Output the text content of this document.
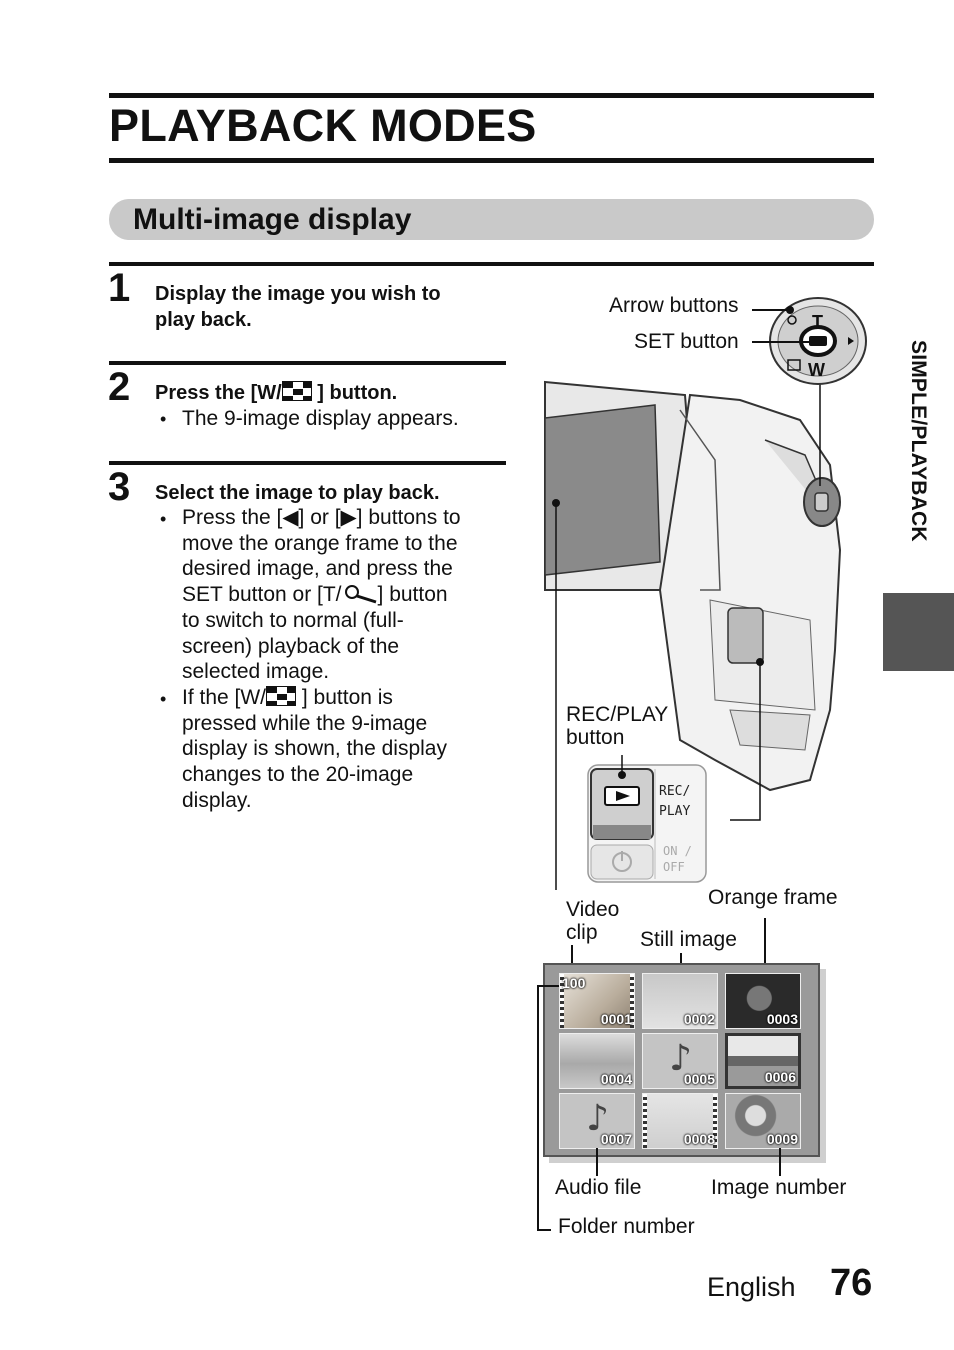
PLAYBACK MODES
Multi-image display
1 Display the image you wish to
play back.
2 Press the [W/ ] button.
• The 9-image display appears.
3 Select the image to play back.
• Press the [◀] or [▶] buttons to
move the orange frame to the
desired image, and press the
SET button or [T/ ] button
to switch to normal (full-
screen) playback of the
selected image.
• If the [W/ ] button is
pressed while the 9-image
display is shown, the display
changes to the 20-image
display.
T
W
Arrow buttons
SET button
REC/PLAY
button
REC/
PLAY
ON /
OFF
Video
clip
Orange frame
Still image
100
0001	0002	0003
0004 ♪
0005	0006
♪
0007	0008	0009
Audio file	Image number
Folder number
SIMPLE/PLAYBACK
English 76
